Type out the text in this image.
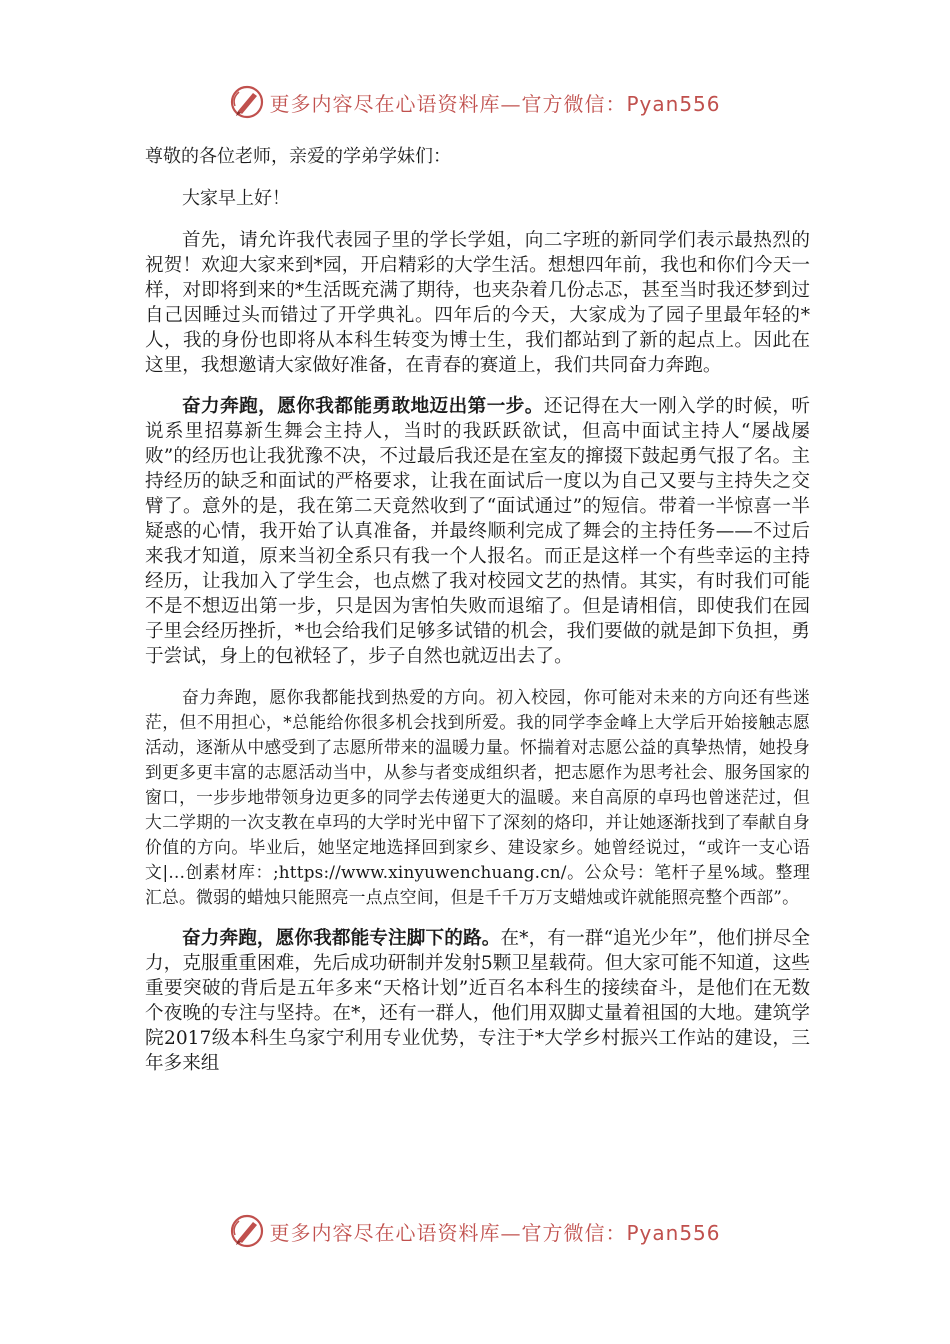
更多内容尽在心语资料库—官方微信：Pyan556

尊敬的各位老师，亲爱的学弟学妹们：

大家早上好！

首先，请允许我代表园子里的学长学姐，向二字班的新同学们表示最热烈的祝贺！欢迎大家来到*园，开启精彩的大学生活。想想四年前，我也和你们今天一样，对即将到来的*生活既充满了期待，也夹杂着几份忐忑，甚至当时我还梦到过自己因睡过头而错过了开学典礼。四年后的今天，大家成为了园子里最年轻的*人，我的身份也即将从本科生转变为博士生，我们都站到了新的起点上。因此在这里，我想邀请大家做好准备，在青春的赛道上，我们共同奋力奔跑。

奋力奔跑，愿你我都能勇敢地迈出第一步。还记得在大一刚入学的时候，听说系里招募新生舞会主持人，当时的我跃跃欲试，但高中面试主持人“屡战屡败”的经历也让我犹豫不决，不过最后我还是在室友的撺掇下鼓起勇气报了名。主持经历的缺乏和面试的严格要求，让我在面试后一度以为自己又要与主持失之交臂了。意外的是，我在第二天竟然收到了“面试通过”的短信。带着一半惊喜一半疑惑的心情，我开始了认真准备，并最终顺利完成了舞会的主持任务——不过后来我才知道，原来当初全系只有我一个人报名。而正是这样一个有些幸运的主持经历，让我加入了学生会，也点燃了我对校园文艺的热情。其实，有时我们可能不是不想迈出第一步，只是因为害怕失败而退缩了。但是请相信，即使我们在园子里会经历挫折，*也会给我们足够多试错的机会，我们要做的就是卸下负担，勇于尝试，身上的包袱轻了，步子自然也就迈出去了。

奋力奔跑，愿你我都能找到热爱的方向。初入校园，你可能对未来的方向还有些迷茫，但不用担心，*总能给你很多机会找到所爱。我的同学李金峰上大学后开始接触志愿活动，逐渐从中感受到了志愿所带来的温暖力量。怀揣着对志愿公益的真挚热情，她投身到更多更丰富的志愿活动当中，从参与者变成组织者，把志愿作为思考社会、服务国家的窗口，一步步地带领身边更多的同学去传递更大的温暖。来自高原的卓玛也曾迷茫过，但大二学期的一次支教在卓玛的大学时光中留下了深刻的烙印，并让她逐渐找到了奉献自身价值的方向。毕业后，她坚定地选择回到家乡、建设家乡。她曾经说过，“或许一支心语文|…创素材库：;https://www.xinyuwenchuang.cn/。公众号：笔杆子星%域。整理汇总。微弱的蜡烛只能照亮一点点空间，但是千千万万支蜡烛或许就能照亮整个西部”。

奋力奔跑，愿你我都能专注脚下的路。在*，有一群“追光少年”，他们拼尽全力，克服重重困难，先后成功研制并发射5颗卫星载荷。但大家可能不知道，这些重要突破的背后是五年多来“天格计划”近百名本科生的接续奋斗，是他们在无数个夜晚的专注与坚持。在*，还有一群人，他们用双脚丈量着祖国的大地。建筑学院2017级本科生乌家宁利用专业优势，专注于*大学乡村振兴工作站的建设，三年多来组

更多内容尽在心语资料库—官方微信：Pyan556
